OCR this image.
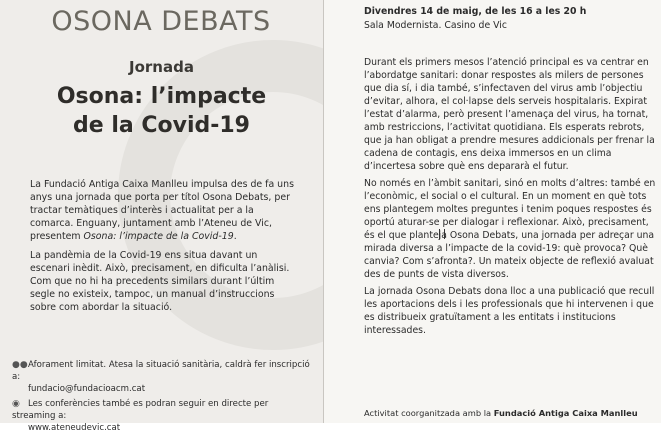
OSONA DEBATS
Jornada
Osona: l’impacte
de la Covid-19

La Fundació Antiga Caixa Manlleu impulsa des de fa uns anys una jornada que porta per títol Osona Debats, per tractar temàtiques d’interès i actualitat per a la comarca. Enguany, juntament amb l’Ateneu de Vic, presentem Osona: l’impacte de la Covid-19.

La pandèmia de la Covid-19 ens situa davant un escenari inèdit. Això, precisament, en dificulta l’anàlisi. Com que no hi ha precedents similars durant l’últim segle no existeix, tampoc, un manual d’instruccions sobre com abordar la situació.

●●Aforament limitat. Atesa la situació sanitària, caldrà fer inscripció a:
fundacio@fundacioacm.cat
◉ Les conferències també es podran seguir en directe per streaming a:
www.ateneudevic.cat
Divendres 14 de maig, de les 16 a les 20 h
Sala Modernista. Casino de Vic

Durant els primers mesos l’atenció principal es va centrar en l’abordatge sanitari: donar respostes als milers de persones que dia sí, i dia també, s’infectaven del virus amb l’objectiu d’evitar, alhora, el col·lapse dels serveis hospitalaris. Expirat l’estat d’alarma, però present l’amenaça del virus, ha tornat, amb restriccions, l’activitat quotidiana. Els esperats rebrots, que ja han obligat a prendre mesures addicionals per frenar la cadena de contagis, ens deixa immersos en un clima d’incertesa sobre què ens depararà el futur.

No només en l’àmbit sanitari, sinó en molts d’altres: també en l’econòmic, el social o el cultural. En un moment en què tots ens plantegem moltes preguntes i tenim poques respostes és oportú aturar-se per dialogar i reflexionar. Això, precisament, és el que planteja Osona Debats, una jornada per adreçar una mirada diversa a l’impacte de la covid-19: què provoca? Què canvia? Com s’afronta?. Un mateix objecte de reflexió avaluat des de punts de vista diversos.

La jornada Osona Debats dona lloc a una publicació que recull les aportacions dels i les professionals que hi intervenen i que es distribueix gratuïtament a les entitats i institucions interessades.

Activitat coorganitzada amb la Fundació Antiga Caixa Manlleu
